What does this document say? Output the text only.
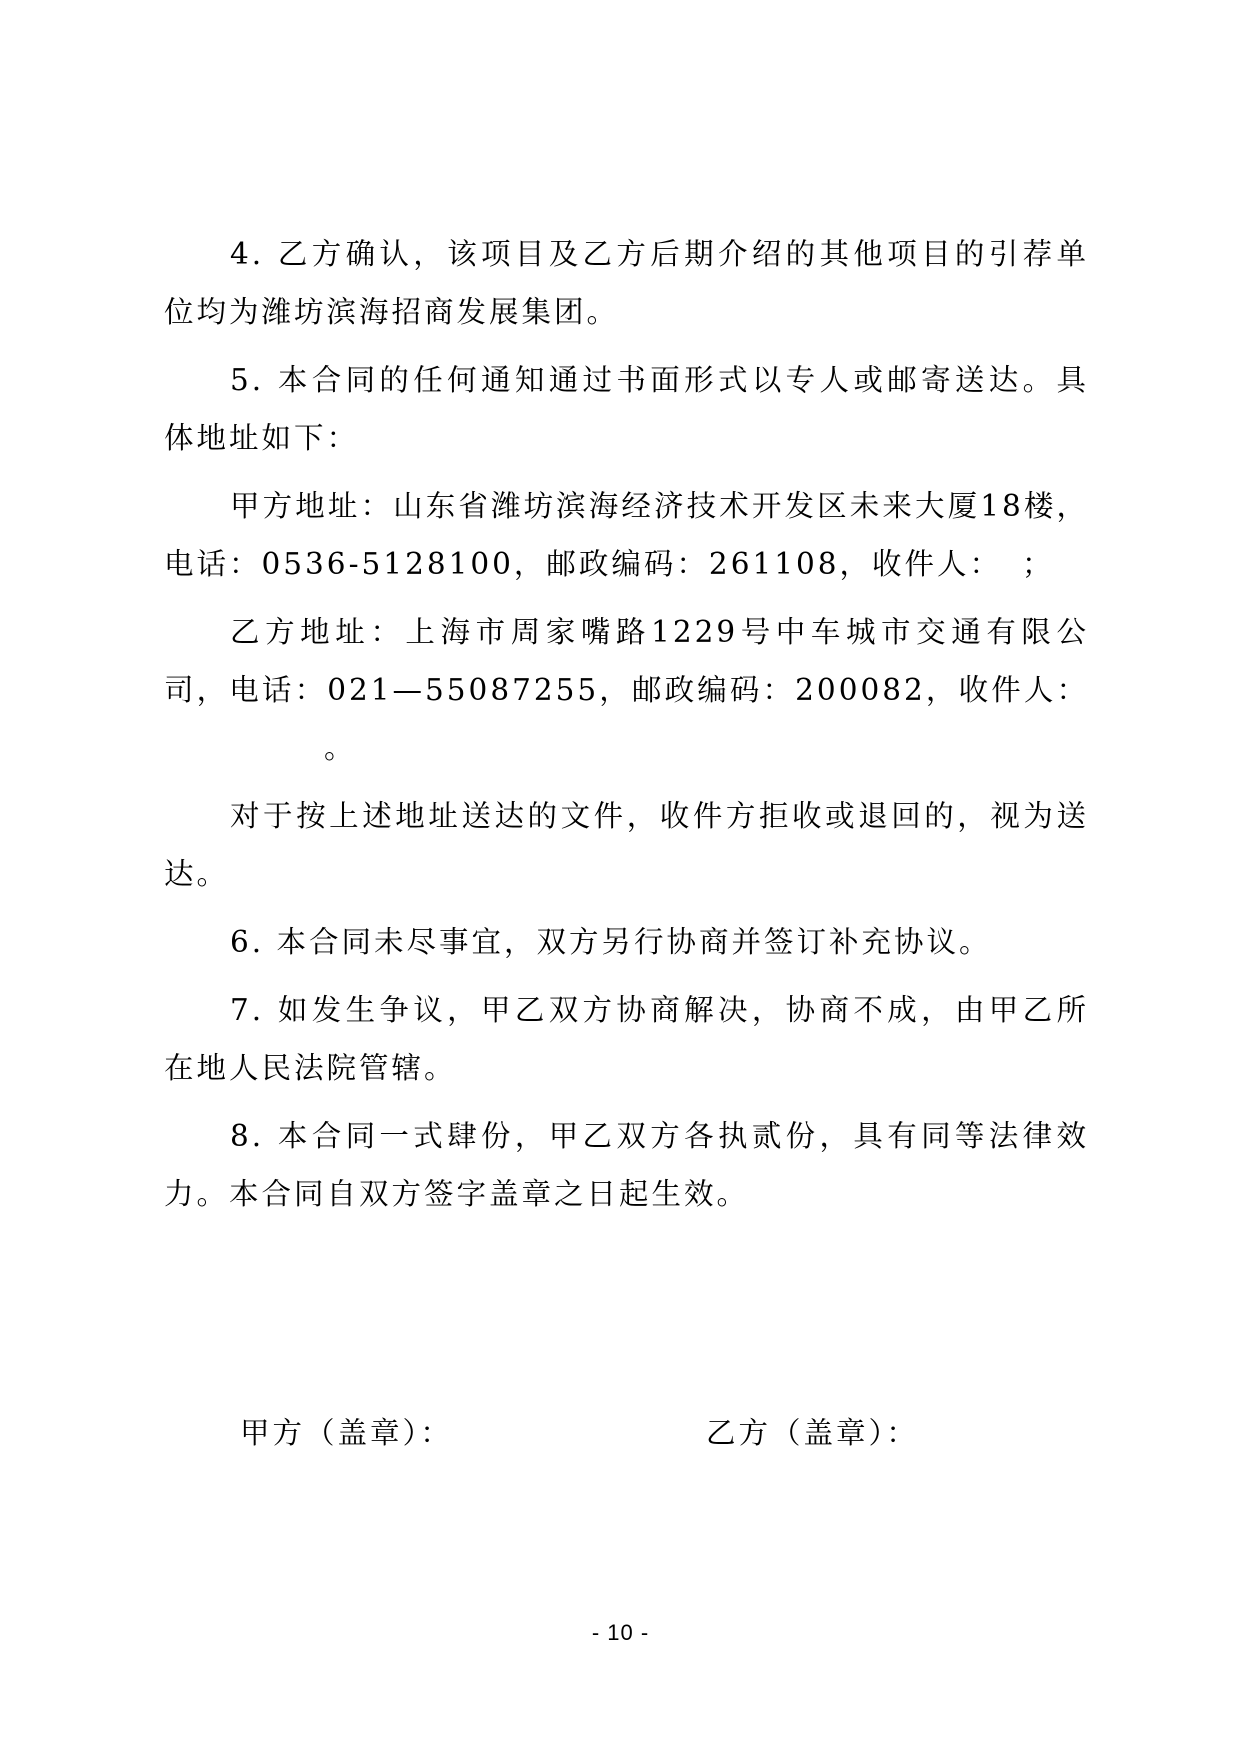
4. 乙方确认，该项目及乙方后期介绍的其他项目的引荐单位均为潍坊滨海招商发展集团。

5. 本合同的任何通知通过书面形式以专人或邮寄送达。具体地址如下：

甲方地址：山东省潍坊滨海经济技术开发区未来大厦18楼，电话：0536-5128100，邮政编码：261108，收件人： ；

乙方地址：上海市周家嘴路1229号中车城市交通有限公司，电话：021—55087255，邮政编码：200082，收件人：。

对于按上述地址送达的文件，收件方拒收或退回的，视为送达。

6. 本合同未尽事宜，双方另行协商并签订补充协议。

7. 如发生争议，甲乙双方协商解决，协商不成，由甲乙所在地人民法院管辖。

8. 本合同一式肆份，甲乙双方各执贰份，具有同等法律效力。本合同自双方签字盖章之日起生效。

甲方（盖章）：	乙方（盖章）：
- 10 -
